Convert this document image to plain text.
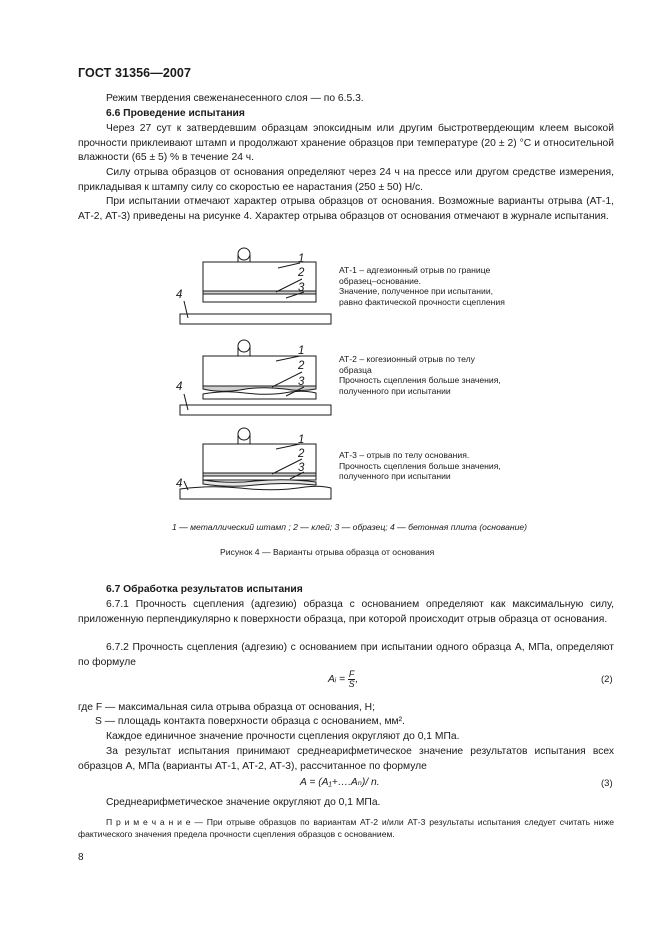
ГОСТ 31356—2007
Режим твердения свеженанесенного слоя — по 6.5.3.
6.6 Проведение испытания
Через 27 сут к затвердевшим образцам эпоксидным или другим быстротвердеющим клеем высокой прочности приклеивают штамп и продолжают хранение образцов при температуре (20 ± 2) °С и относительной влажности (65 ± 5) % в течение 24 ч.
Силу отрыва образцов от основания определяют через 24 ч на прессе или другом средстве измерения, прикладывая к штампу силу со скоростью ее нарастания (250 ± 50) Н/с.
При испытании отмечают характер отрыва образцов от основания. Возможные варианты отрыва (АТ-1, АТ-2, АТ-3) приведены на рисунке 4. Характер отрыва образцов от основания отмечают в журнале испытания.
1
2
3
4
1
2
3
4
1
2
3
4
АТ-1 – адгезионный отрыв по границе
образец–основание.
Значение, полученное при испытании,
равно фактической прочности сцепления
АТ-2 – когезионный отрыв по телу
образца
Прочность сцепления больше значения,
полученного при испытании
АТ-3 – отрыв по телу основания.
Прочность сцепления больше значения,
полученного при испытании
1 — металлический штамп ; 2 — клей; 3 — образец; 4 — бетонная плита (основание)
Рисунок 4 — Варианты отрыва образца от основания
6.7 Обработка результатов испытания
6.7.1 Прочность сцепления (адгезию) образца с основанием определяют как максимальную силу, приложенную перпендикулярно к поверхности образца, при которой происходит отрыв образца от основания.
6.7.2 Прочность сцепления (адгезию) с основанием при испытании одного образца A, МПа, определяют по формуле
Aᵢ = $\frac{F}{S}$ ,	(2)
где F — максимальная сила отрыва образца от основания, Н;
S — площадь контакта поверхности образца с основанием, мм².
Каждое единичное значение прочности сцепления округляют до 0,1 МПа.
За результат испытания принимают среднеарифметическое значение результатов испытания всех образцов А, МПа (варианты АТ-1, АТ-2, АТ-3), рассчитанное по формуле
A = (A₁+….Aₙ)/ n.	(3)
Среднеарифметическое значение округляют до 0,1 МПа.
П р и м е ч а н и е — При отрыве образцов по вариантам АТ-2 и/или АТ-3 результаты испытания следует считать ниже фактического значения предела прочности сцепления образцов с основанием.
8
